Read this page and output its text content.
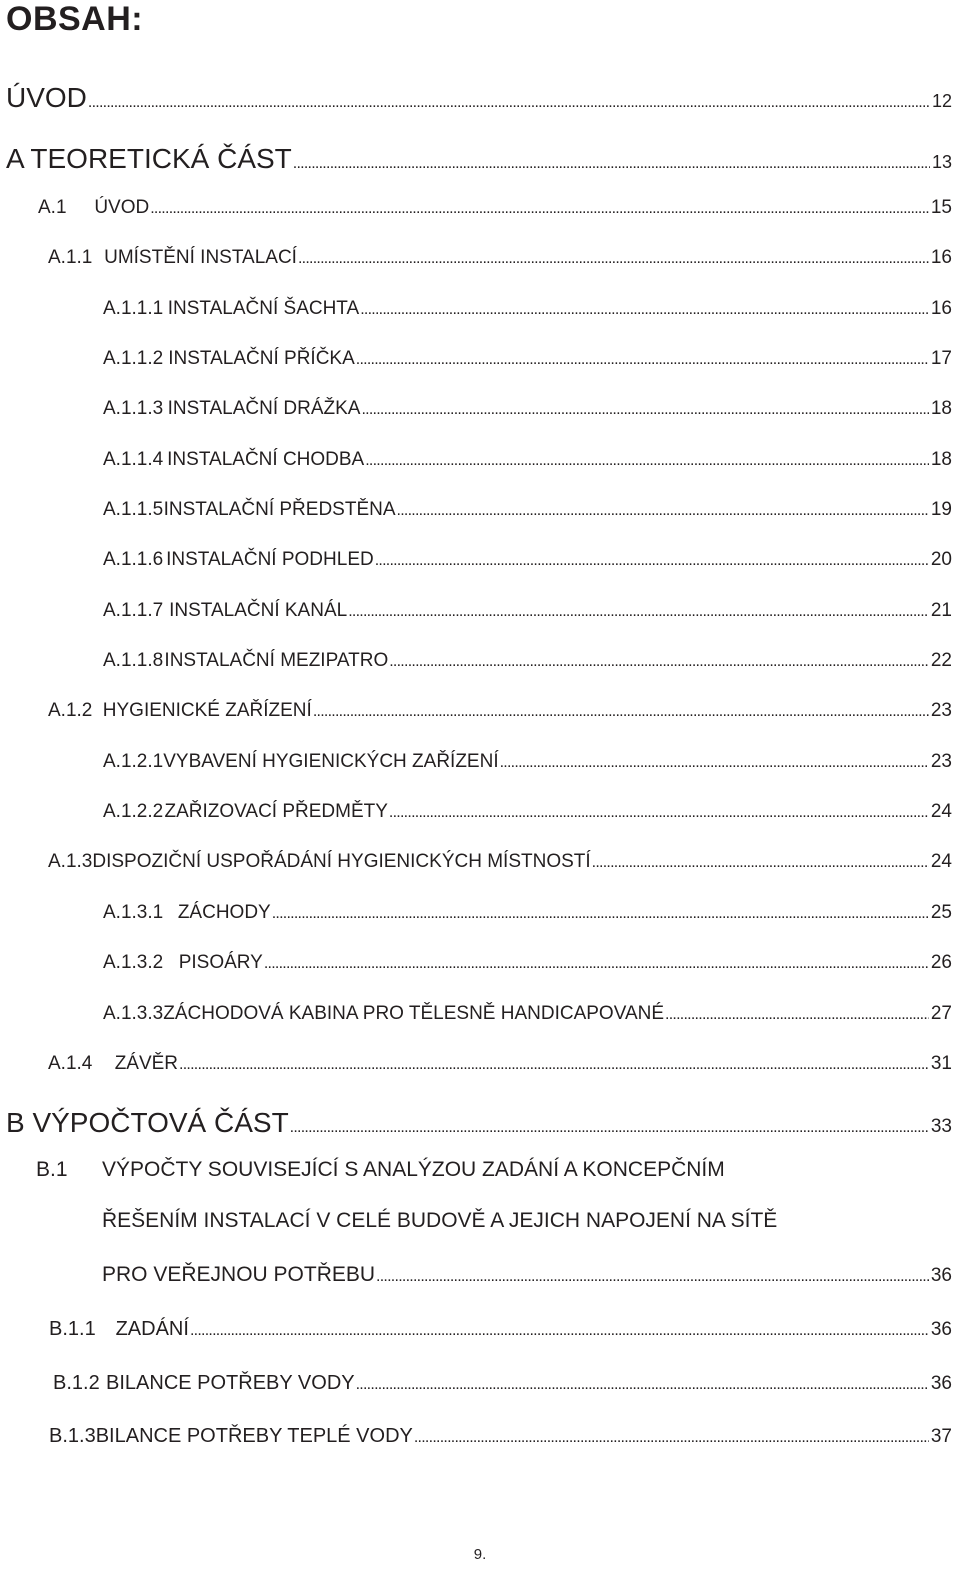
OBSAH:
ÚVOD . . .	12
A TEORETICKÁ ČÁST . . .	13
A.1	ÚVOD . . .	15
A.1.1 UMÍSTĚNÍ INSTALACÍ . . .	16
A.1.1.1 INSTALAČNÍ ŠACHTA . . .	16
A.1.1.2 INSTALAČNÍ PŘÍČKA . . .	17
A.1.1.3 INSTALAČNÍ DRÁŽKA . . .	18
A.1.1.4 INSTALAČNÍ CHODBA . . .	18
A.1.1.5 INSTALAČNÍ PŘEDSTĚNA . . .	19
A.1.1.6 INSTALAČNÍ PODHLED . . .	20
A.1.1.7 INSTALAČNÍ KANÁL . . .	21
A.1.1.8 INSTALAČNÍ MEZIPATRO . . .	22
A.1.2 HYGIENICKÉ ZAŘÍZENÍ . . .	23
A.1.2.1 VYBAVENÍ HYGIENICKÝCH ZAŘÍZENÍ . . .	23
A.1.2.2 ZAŘIZOVACÍ PŘEDMĚTY . . .	24
A.1.3 DISPOZIČNÍ USPOŘÁDÁNÍ HYGIENICKÝCH MÍSTNOSTÍ . . .	24
A.1.3.1 ZÁCHODY . . .	25
A.1.3.2 PISOÁRY . . .	26
A.1.3.3 ZÁCHODOVÁ KABINA PRO TĚLESNĚ HANDICAPOVANÉ . . .	27
A.1.4	ZÁVĚR . . .	31
B VÝPOČTOVÁ ČÁST . . .	33
B.1 VÝPOČTY SOUVISEJÍCÍ S ANALÝZOU ZADÁNÍ A KONCEPČNÍM
ŘEŠENÍM INSTALACÍ V CELÉ BUDOVĚ A JEJICH NAPOJENÍ NA SÍTĚ
PRO VEŘEJNOU POTŘEBU . . .	36
B.1.1 ZADÁNÍ . . .	36
B.1.2 BILANCE POTŘEBY VODY . . .	36
B.1.3 BILANCE POTŘEBY TEPLÉ VODY . . .	37
9.
